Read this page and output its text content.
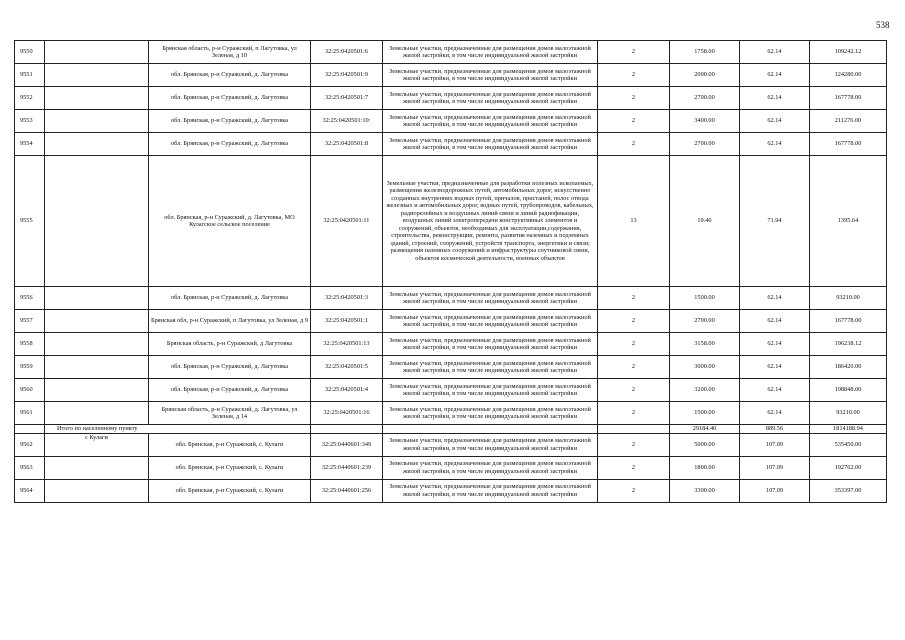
538
9550		Брянская область, р-н Суражский, п Лагутовка, ул Зеленая, д 10	32:25:0420501:6	Земельные участки, предназначенные для размещения домов малоэтажной жилой застройки, в том числе индивидуальной жилой застройки	2	1758.00	62.14	109242.12
9551		обл. Брянская, р-н Суражский, д. Лагутовка	32:25:0420501:9	Земельные участки, предназначенные для размещения домов малоэтажной жилой застройки, в том числе индивидуальной жилой застройки	2	2000.00	62.14	124280.00
9552		обл. Брянская, р-н Суражский, д. Лагутовка	32:25:0420501:7	Земельные участки, предназначенные для размещения домов малоэтажной жилой застройки, в том числе индивидуальной жилой застройки	2	2700.00	62.14	167778.00
9553		обл. Брянская, р-н Суражский, д. Лагутовка	32:25:0420501:10:	Земельные участки, предназначенные для размещения домов малоэтажной жилой застройки, в том числе индивидуальной жилой застройки	2	3400.00	62.14	211276.00
9554		обл. Брянская, р-н Суражский, д. Лагутовка	32:25:0420501:8	Земельные участки, предназначенные для размещения домов малоэтажной жилой застройки, в том числе индивидуальной жилой застройки	2	2700.00	62.14	167778.00
9555		обл. Брянская, р-н Суражский, д. Лагутовка, МО Кулагское сельское поселение	32:25:0420501:11	Земельные участки, предназначенные для разработки полезных ископаемых, размещения железнодорожных путей, автомобильных дорог, искусственно созданных внутренних водных путей, причалов, пристаней, полос отвода железных и автомобильных дорог, водных путей, трубопроводов, кабельных, радиорелейных и воздушных линий связи и линий радиофикации, воздушных линий электропередачи конструктивных элементов и сооружений, объектов, необходимых для эксплуатации,содержания, строительства, реконструкции, ремонта, развития наземных и подземных зданий, строений, сооружений, устройств транспорта, энергетики и связи; размещения наземных сооружений и инфраструктуры спутниковой связи, объектов космической деятельности, военных объектов	13	19.40	71.94	1395.64
9556		обл. Брянская, р-н Суражский, д. Лагутовка	32:25:0420501:3	Земельные участки, предназначенные для размещения домов малоэтажной жилой застройки, в том числе индивидуальной жилой застройки	2	1500.00	62.14	93210.00
9557		Брянская обл, р-н Суражский, п Лагутовка, ул Зеленая, д 9	32:25:0420501:1	Земельные участки, предназначенные для размещения домов малоэтажной жилой застройки, в том числе индивидуальной жилой застройки	2	2700.00	62.14	167778.00
9558		Брянская область, р-н Суражский, д Лагутовка	32:25:0420501:13	Земельные участки, предназначенные для размещения домов малоэтажной жилой застройки, в том числе индивидуальной жилой застройки	2	3158.00	62.14	196238.12
9559		обл. Брянская, р-н Суражский, д. Лагутовка	32:25:0420501:5	Земельные участки, предназначенные для размещения домов малоэтажной жилой застройки, в том числе индивидуальной жилой застройки	2	3000.00	62.14	186420.00
9560		обл. Брянская, р-н Суражский, д. Лагутовка	32:25:0420501:4	Земельные участки, предназначенные для размещения домов малоэтажной жилой застройки, в том числе индивидуальной жилой застройки	2	3200.00	62.14	198848.00
9561		Брянская область, р-н Суражский, д. Лагутовка, ул Зеленая, д 14	32:25:0420501:16	Земельные участки, предназначенные для размещения домов малоэтажной жилой застройки, в том числе индивидуальной жилой застройки	2	1500.00	62.14	93210.00
	Итого по населенному пункту					29184.40	889.56	1814188.94
9562	с Кулаги	обл. Брянская, р-н Суражский, с. Кулаги	32:25:0440601:349	Земельные участки, предназначенные для размещения домов малоэтажной жилой застройки, в том числе индивидуальной жилой застройки	2	5000.00	107.09	535450.00
9563		обл. Брянская, р-н Суражский, с. Кулаги	32:25:0440601:239	Земельные участки, предназначенные для размещения домов малоэтажной жилой застройки, в том числе индивидуальной жилой застройки	2	1800.00	107.09	192762.00
9564		обл. Брянская, р-н Суражский, с. Кулаги	32:25:0440601:256	Земельные участки, предназначенные для размещения домов малоэтажной жилой застройки, в том числе индивидуальной жилой застройки	2	3300.00	107.09	353397.00
